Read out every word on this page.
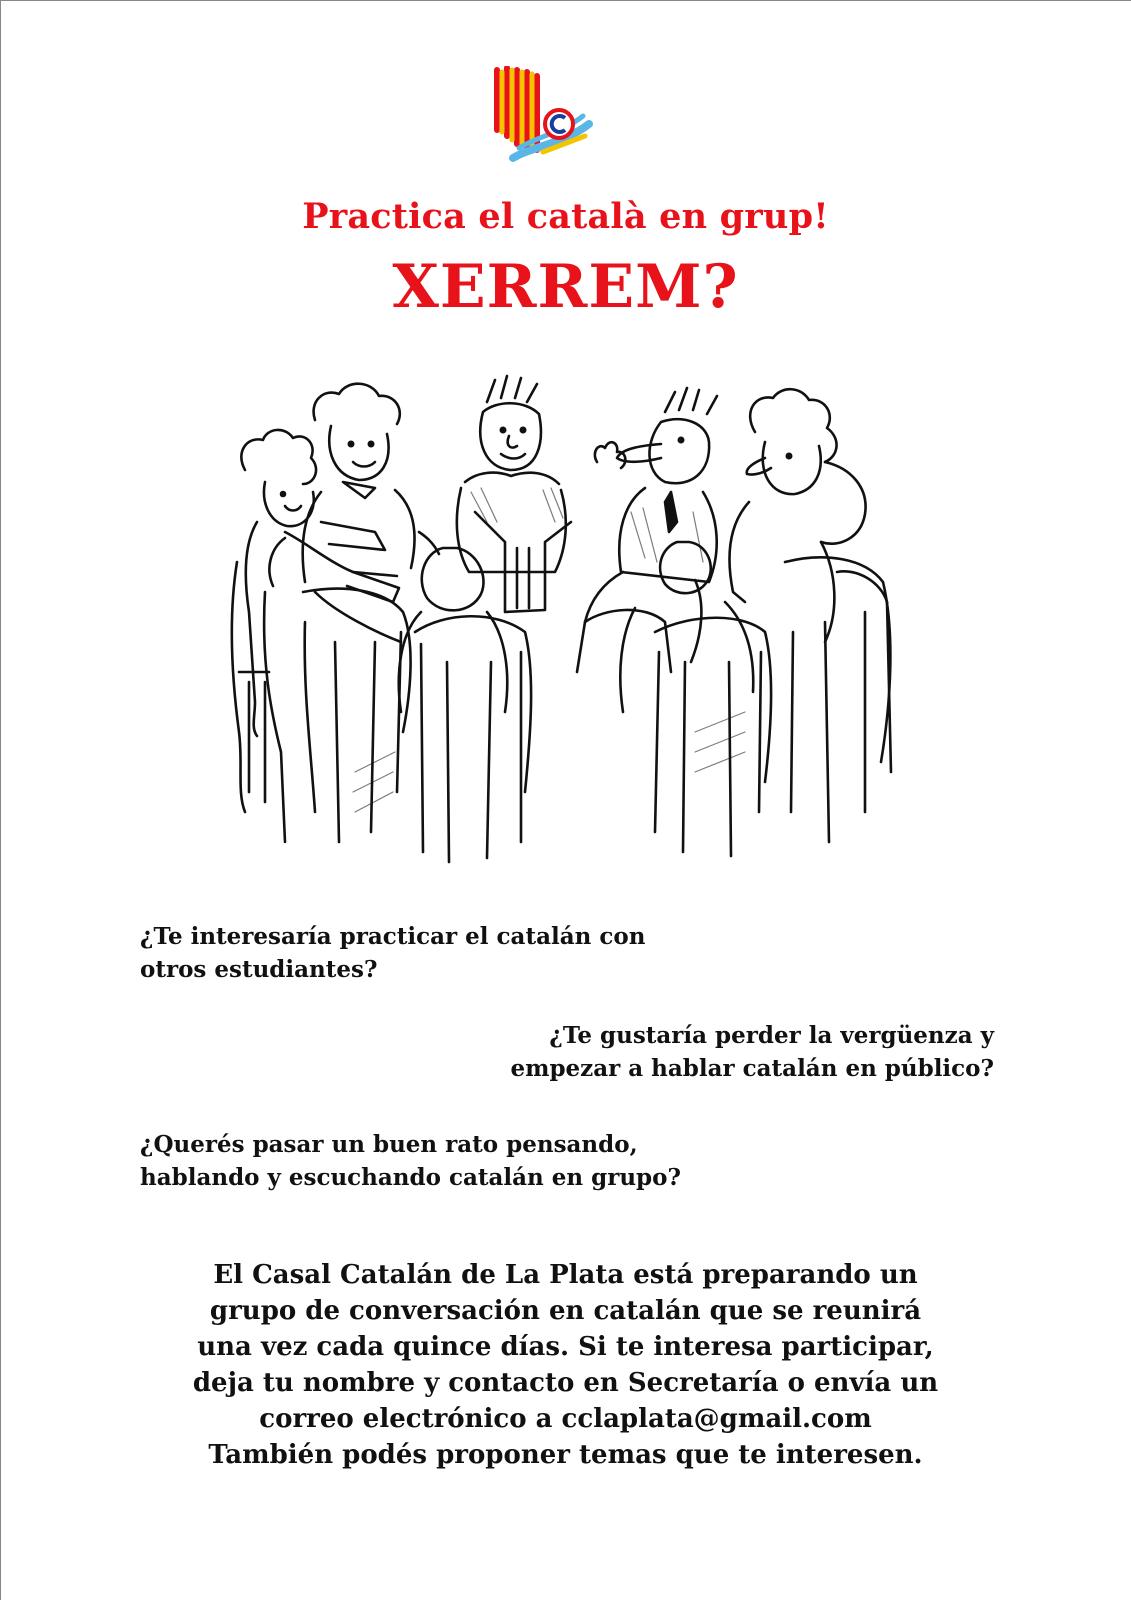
Practica el català en grup!
XERREM?
¿Te interesaría practicar el catalán con
otros estudiantes?
¿Te gustaría perder la vergüenza y
empezar a hablar catalán en público?
¿Querés pasar un buen rato pensando,
hablando y escuchando catalán en grupo?
El Casal Catalán de La Plata está preparando un
grupo de conversación en catalán que se reunirá
una vez cada quince días. Si te interesa participar,
deja tu nombre y contacto en Secretaría o envía un
correo electrónico a cclaplata@gmail.com
También podés proponer temas que te interesen.
